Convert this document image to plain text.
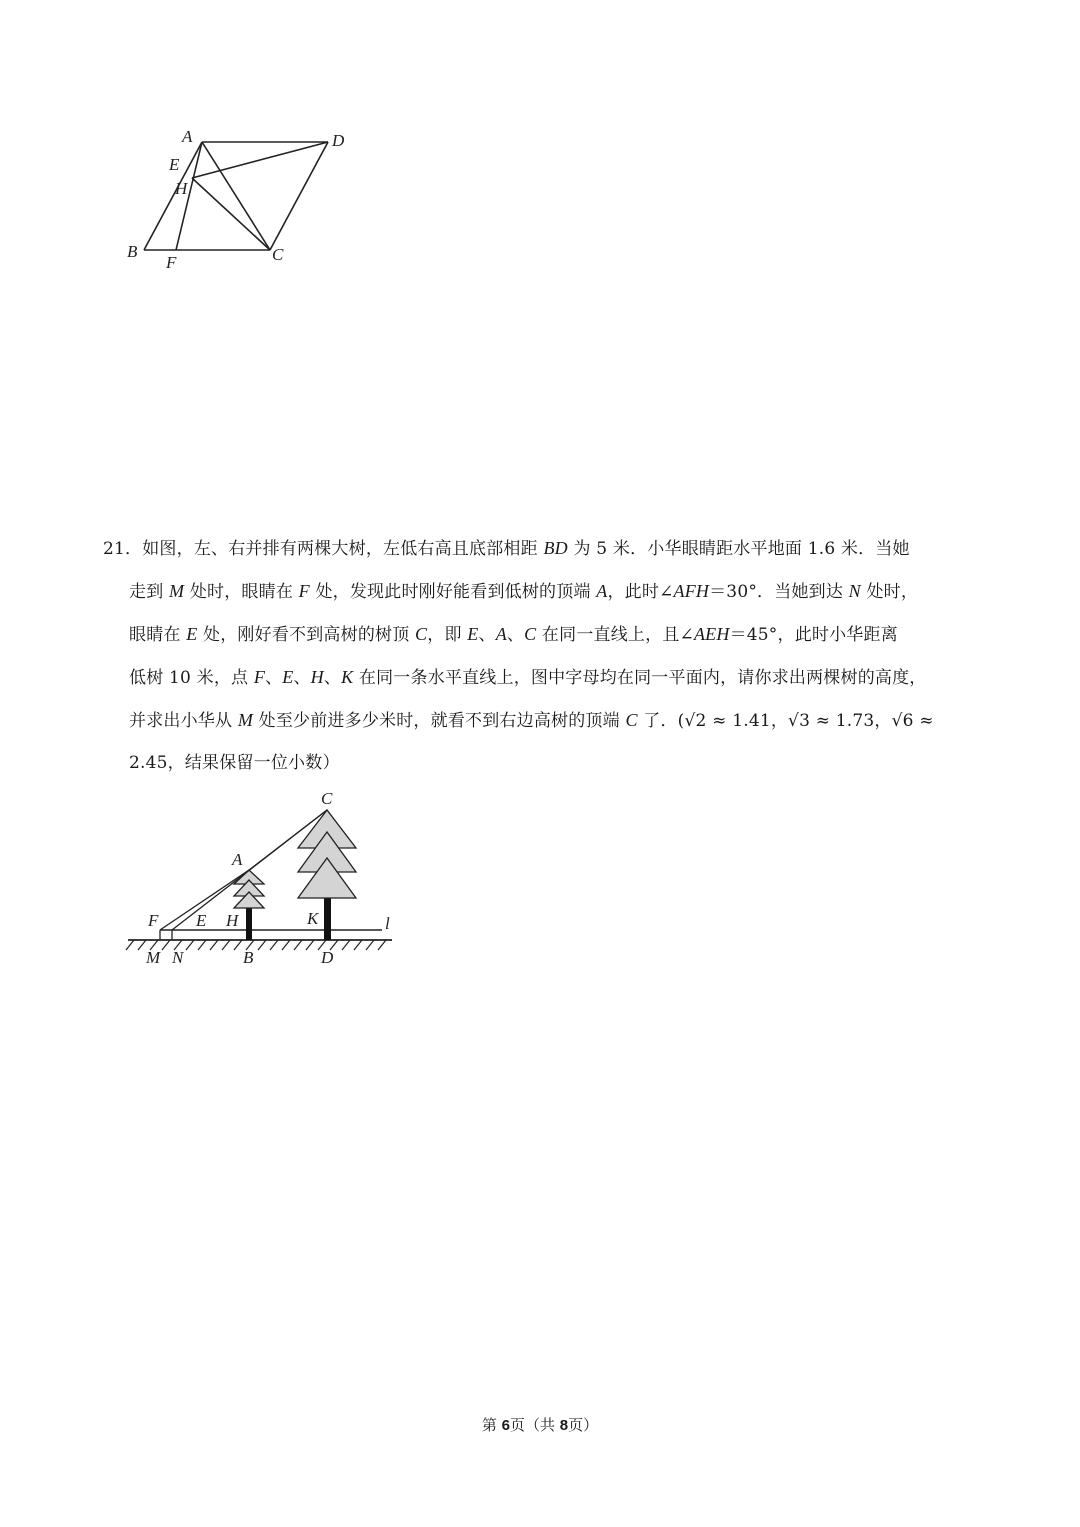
A	D
E
H
B
F	C

21．如图，左、右并排有两棵大树，左低右高且底部相距 BD 为 5 米．小华眼睛距水平地面 1.6 米．当她

走到 M 处时，眼睛在 F 处，发现此时刚好能看到低树的顶端 A，此时∠AFH＝30°．当她到达 N 处时，

眼睛在 E 处，刚好看不到高树的树顶 C，即 E、A、C 在同一直线上，且∠AEH＝45°，此时小华距离

低树 10 米，点 F、E、H、K 在同一条水平直线上，图中字母均在同一平面内，请你求出两棵树的高度，

并求出小华从 M 处至少前进多少米时，就看不到右边高树的顶端 C 了．(√2 ≈ 1.41，√3 ≈ 1.73，√6 ≈

2.45，结果保留一位小数）

C
A
F E H	K	l
M N	B	D
第 6页（共 8页）
